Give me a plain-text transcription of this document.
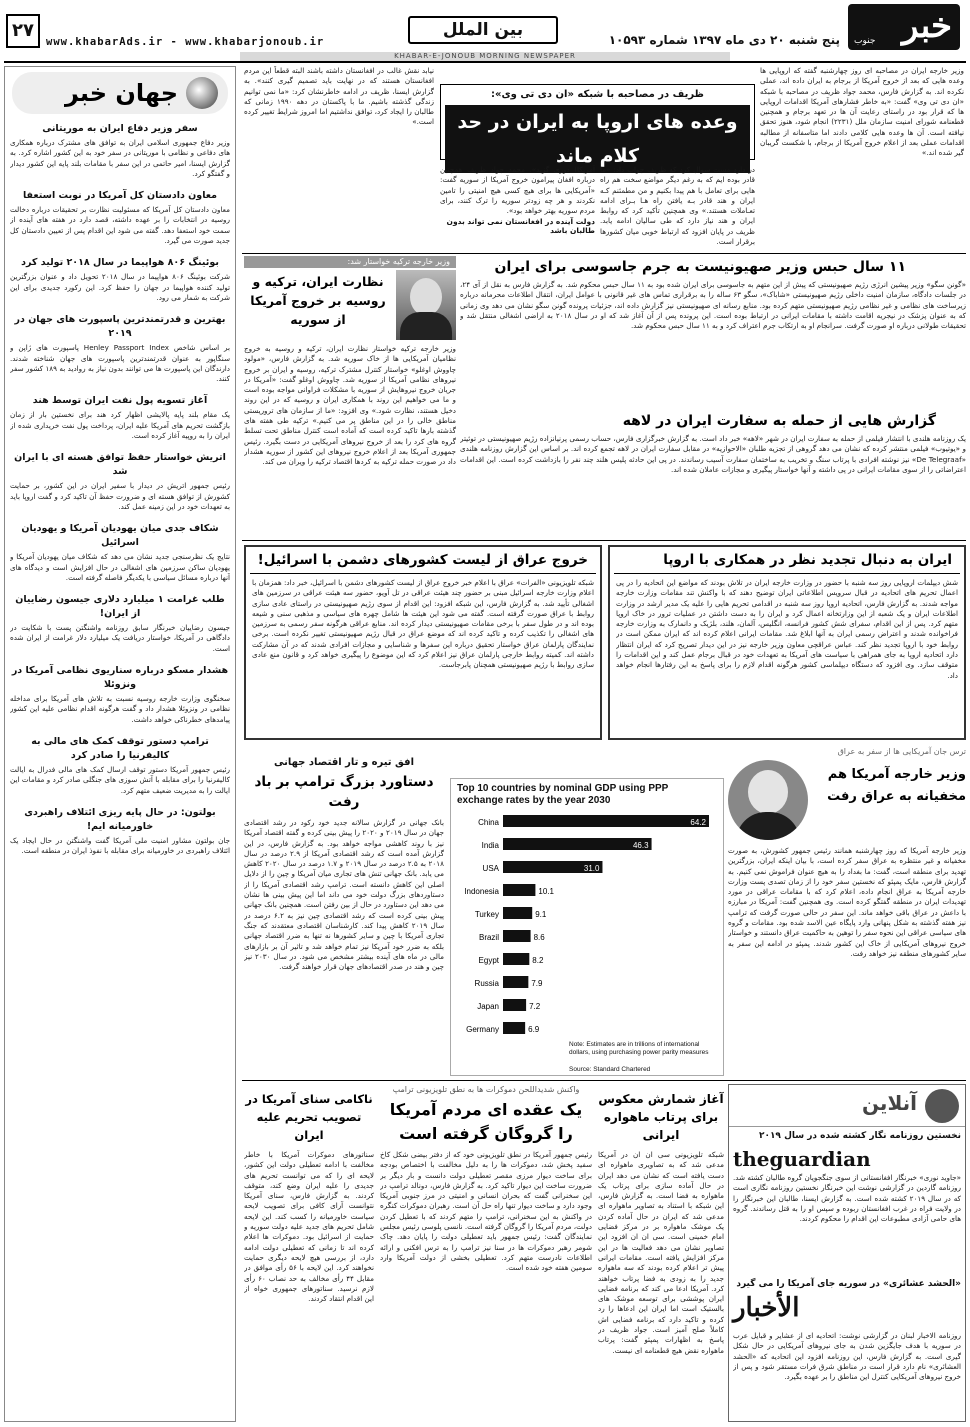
خبر
جنوب
پنج شنبه ۲۰ دی ماه ۱۳۹۷ شماره ۱۰۵۹۳
بین الملل
www.khabarAds.ir - www.khabarjonoub.ir
۲۷
KHABAR-E-JONOUB MORNING NEWSPAPER
جهان خبر
سفر وزیر دفاع ایران به موریتانی
وزیر دفاع جمهوری اسلامی ایران به توافق های مشترک درباره همکاری های دفاعی و نظامی با موریتانی در سفر خود به این کشور اشاره کرد. به گزارش ایسنا، امیر حاتمی در این سفر با مقامات بلند پایه این کشور دیدار و گفتگو کرد.
معاون دادستان کل آمریکا در نوبت استعفا
معاون دادستان کل آمریکا که مسئولیت نظارت بر تحقیقات درباره دخالت روسیه در انتخابات را بر عهده داشته، قصد دارد در هفته های آینده از سمت خود استعفا دهد. گفته می شود این اقدام پس از تعیین دادستان کل جدید صورت می گیرد.
بوئینگ ۸۰۶ هواپیما در سال ۲۰۱۸ تولید کرد
شرکت بوئینگ ۸۰۶ هواپیما در سال ۲۰۱۸ تحویل داد و عنوان بزرگترین تولید کننده هواپیما در جهان را حفظ کرد. این رکورد جدیدی برای این شرکت به شمار می رود.
بهترین و قدرتمندترین پاسپورت های جهان در ۲۰۱۹
بر اساس شاخص Henley Passport Index پاسپورت های ژاپن و سنگاپور به عنوان قدرتمندترین پاسپورت های جهان شناخته شدند. دارندگان این پاسپورت ها می توانند بدون نیاز به روادید به ۱۸۹ کشور سفر کنند.
آغاز تسویه پول نفت ایران توسط هند
یک مقام بلند پایه پالایشی اظهار کرد هند برای نخستین بار از زمان بازگشت تحریم های آمریکا علیه ایران، پرداخت پول نفت خریداری شده از ایران را به روپیه آغاز کرده است.
اتریش خواستار حفظ توافق هسته ای با ایران شد
رئیس جمهور اتریش در دیدار با سفیر ایران در این کشور، بر حمایت کشورش از توافق هسته ای و ضرورت حفظ آن تاکید کرد و گفت اروپا باید به تعهدات خود در این زمینه عمل کند.
شکاف جدی میان یهودیان آمریکا و یهودیان اسرائیل
نتایج یک نظرسنجی جدید نشان می دهد که شکاف میان یهودیان آمریکا و یهودیان ساکن سرزمین های اشغالی در حال افزایش است و دیدگاه های آنها درباره مسائل سیاسی با یکدیگر فاصله گرفته است.
طلب غرامت ۱ میلیارد دلاری جیسون رضاییان از ایران!
جیسون رضاییان خبرنگار سابق روزنامه واشنگتن پست با شکایت در دادگاهی در آمریکا، خواستار دریافت یک میلیارد دلار غرامت از ایران شده است.
هشدار مسکو درباره سناریوی نظامی آمریکا در ونزوئلا
سخنگوی وزارت خارجه روسیه نسبت به تلاش های آمریکا برای مداخله نظامی در ونزوئلا هشدار داد و گفت هرگونه اقدام نظامی علیه این کشور پیامدهای خطرناکی خواهد داشت.
ترامپ دستور توقف کمک های مالی به کالیفرنیا را صادر کرد
رئیس جمهور آمریکا دستور توقف ارسال کمک های مالی فدرال به ایالت کالیفرنیا را برای مقابله با آتش سوزی های جنگلی صادر کرد و مقامات این ایالت را به مدیریت ضعیف متهم کرد.
بولتون: در حال پایه ریزی ائتلاف راهبردی خاورمیانه ایم!
جان بولتون مشاور امنیت ملی آمریکا گفت واشنگتن در حال ایجاد یک ائتلاف راهبردی در خاورمیانه برای مقابله با نفوذ ایران در منطقه است.
وزیر خارجه ایران در مصاحبه ای روز چهارشنبه گفته که اروپایی ها وعده هایی که بعد از خروج آمریکا از برجام به ایران داده اند، عملی نکرده اند. به گزارش فارس، محمد جواد ظریف در مصاحبه با شبکه «ان دی تی وی» گفت: «به خاطر فشارهای آمریکا اقدامات اروپایی ها که قرار بود در راستای رعایت آن ها در تعهد برجام و همچنین قطعنامه شورای امنیت سازمان ملل (۲۲۳۱) انجام شود، هنوز تحقق نیافته است. آن ها وعده هایی کلامی دادند اما متاسفانه از مطالبه اقدامات عملی بعد از اعلام خروج آمریکا از برجام، با شکست گریبان گیر شده اند.»
ظریف در مصاحبه با شبکه «ان دی تی وی»:
وعده های اروپا به ایران در حد کلام ماند
در دارد مست سوال کرد که ظریف جواب داد: «ما قادر بوده ایم که به رغم دیگر مواضع سخت هم راه هایی برای تعامل با هم پیدا بکنیم و من مطمئنم کـه ایران و هند قادر بـه یافتن راه هـا بـرای ادامه تعـاملات هستند.» وی همچنین تأکید کرد که روابط ایران و هند نیاز دارد که طی سالیان ادامه یابد. ظریف در پایان افزود که ارتباط خوبی میان کشورها برقرار است.
آمریکا) دوری گزید». محمد جواد ظریف همچنین درباره افغان پیرامون خروج آمریکا از سوریه گفت: «آمریکایی ها برای هیچ کسی هیچ امنیتی را تامین نکردند و هر چه زودتر سوریه را ترک کنند، برای مردم سوریه بهتر خواهد بود».
دولت آینده در افغانستان نمی تواند بدون طالبان باشد
نیابد نقش غالب در افغانستان داشته باشند البته قطعاً این مردم افغانستان هستند که در نهایت باید تصمیم گیری کنند». به گزارش ایسنا، ظریف در ادامه خاطرنشان کرد: «ما نمی توانیم زندگی گذشته باشیم. ما با پاکستان در دهه ۱۹۹۰ زمانی که طالبان را ایجاد کرد، توافق نداشتیم اما امروز شرایط تغییر کرده است.»
۱۱ سال حبس وزیر صهیونیست به جرم جاسوسی برای ایران
«گونن سگو» وزیر پیشین انرژی رژیم صهیونیستی که پیش از این متهم به جاسوسی برای ایران شده بود به ۱۱ سال حبس محکوم شد. به گزارش فارس به نقل از آی ۲۴، در جلسات دادگاه، سازمان امنیت داخلی رژیم صهیونیستی «شاباک»، سگو ۶۳ ساله را به برقراری تماس های غیر قانونی با عوامل ایران، انتقال اطلاعات محرمانه درباره زیرساخت های نظامی و غیر نظامی رژیم صهیونیستی متهم کرده بود. منابع رسانه ای صهیونیستی نیز گزارش داده اند، جزئیات پرونده گونن سگو نشان می دهد وی زمانی که به عنوان پزشک در نیجریه اقامت داشته با مقامات ایرانی در ارتباط بوده است. این پرونده پس از آن آغاز شد که او در سال ۲۰۱۸ به اراضی اشغالی منتقل شد و تحقیقات طولانی درباره او صورت گرفت. سرانجام او به ارتکاب جرم اعتراف کرد و به ۱۱ سال حبس محکوم شد.
وزیر خارجه ترکیه خواستار شد:
نظارت ایران، ترکیه و روسیه بر خروج آمریکا از سوریه
وزیر خارجه ترکیه خواستار نظارت ایران، ترکیه و روسیه به خروج نظامیان آمریکایی ها از خاک سوریه شد. به گزارش فارس، «مولود چاووش اوغلو» خواستار کنترل مشترک ترکیه، روسیه و ایران بر خروج نیروهای نظامی آمریکا از سوریه شد. چاووش اوغلو گفت: «آمریکا در جریان خروج نیروهایش از سوریه با مشکلات فراوانی مواجه بوده است و ما می خواهیم این روند با همکاری ایران و روسیه که در این روند دخیل هستند، نظارت شود.» وی افزود: «ما از سازمان های تروریستی مناطق خالی را در این مناطق پر می کنیم.» ترکیه طی هفته های گذشته بارها تاکید کرده است که آماده است کنترل مناطق تحت تسلط گروه های کرد را بعد از خروج نیروهای آمریکایی در دست بگیرد. رئیس جمهوری آمریکا بعد از اعلام خروج نیروهای این کشور از سوریه هشدار داد در صورت حمله ترکیه به کردها اقتصاد ترکیه را ویران می کند.
گزارش هایی از حمله به سفارت ایران در لاهه
یک روزنامه هلندی با انتشار فیلمی از حمله به سفارت ایران در شهر «لاهه» خبر داد است. به گزارش خبرگزاری فارس، حساب رسمی پرنیانزاده رژیم صهیونیستی در توئیتر و «یوتیوب» فیلمی منتشر کرده که نشان می دهد گروهی از تجزیه طلبان «الاحوازیه» در مقابل سفارت ایران در لاهه تجمع کرده اند. بر اساس این گزارش روزنامه هلندی «De Telegraaf» نیز نوشته افرادی با پرتاب سنگ و تخریب به ساختمان سفارت آسیب رساندند. در پی این حادثه پلیس هلند چند نفر را بازداشت کرده است. این اقدامات اعتراضاتی را از سوی مقامات ایرانی در پی داشته و آنها خواستار پیگیری و مجازات عاملان شده اند.
ایران به دنبال تجدید نظر در همکاری با اروپا
شش دیپلمات اروپایی روز سه شنبه با حضور در وزارت خارجه ایران در تلاش بودند که مواضع این اتحادیه را در پی اعمال تحریم های اتحادیه در قبال سرویس اطلاعاتی ایران توضیح دهند که با واکنش تند مقامات وزارت خارجه مواجه شدند. به گزارش فارس، اتحادیه اروپا روز سه شنبه در اقدامی تحریم هایی را علیه یک مدیر ارشد در وزارت اطلاعات ایران و یک شعبه از این وزارتخانه اعمال کرد و ایران را به دست داشتن در عملیات ترور در خاک اروپا متهم کرد. پس از این اقدام، سفرای شش کشور فرانسه، انگلیس، آلمان، هلند، بلژیک و دانمارک به وزارت خارجه فراخوانده شدند و اعتراض رسمی ایران به آنها ابلاغ شد. مقامات ایرانی اعلام کرده اند که ایران ممکن است در روابط خود با اروپا تجدید نظر کند. عباس عراقچی معاون وزیر خارجه نیز در این دیدار تصریح کرد که ایران انتظار دارد اتحادیه اروپا به جای همراهی با سیاست های آمریکا به تعهدات خود در قبال برجام عمل کند و این اقدامات را متوقف سازد. وی افزود که دستگاه دیپلماسی کشور هرگونه اقدام لازم را برای پاسخ به این رفتارها انجام خواهد داد.
خروج عراق از لیست کشورهای دشمن با اسرائیل!
شبکه تلویزیونی «الفرات» عراق با اعلام خبر خروج عراق از لیست کشورهای دشمن با اسرائیل، خبر داد: همزمان با اعلام وزارت خارجه اسرائیل مبنی بر حضور چند هیئت عراقی در تل آویو، حضور سه هیئت عراقی در سرزمین های اشغالی تأیید شد. به گزارش فارس، این شبکه افزود: این اقدام از سوی رژیم صهیونیستی در راستای عادی سازی روابط با عراق صورت گرفته است. گفته می شود این هیئت ها شامل چهره های سیاسی و مذهبی سنی و شیعه بوده اند و در طول سفر با برخی مقامات صهیونیستی دیدار کرده اند. منابع عراقی هرگونه سفر رسمی به سرزمین های اشغالی را تکذیب کرده و تاکید کرده اند که موضع عراق در قبال رژیم صهیونیستی تغییر نکرده است. برخی نمایندگان پارلمان عراق خواستار تحقیق درباره این سفرها و شناسایی و مجازات افرادی شدند که در آن مشارکت داشته اند. کمیته روابط خارجی پارلمان عراق نیز اعلام کرد که این موضوع را پیگیری خواهد کرد و قانون منع عادی سازی روابط با رژیم صهیونیستی همچنان پابرجاست.
ترس جان آمریکایی ها از سفر به عراق
وزیر خارجه آمریکا هم مخفیانه به عراق رفت
وزیر خارجه آمریکا که روز چهارشنبه همانند رئیس جمهور کشورش، به صورت مخفیانه و غیر منتظره به عراق سفر کرده است، با بیان اینکه ایران، بزرگترین تهدید برای منطقه است، گفت: ما بغداد را به هیچ عنوان فراموش نمی کنیم. به گزارش فارس، مایک پمپئو که نخستین سفر خود را از زمان تصدی پست وزارت خارجه آمریکا به عراق انجام داده، اعلام کرد که با مقامات عراقی در مورد تهدیدات ایران در منطقه گفتگو کرده است. وی همچنین گفت: آمریکا در مبارزه با داعش در عراق باقی خواهد ماند. این سفر در حالی صورت گرفت که ترامپ نیز هفته گذشته به شکل پنهانی وارد پایگاه عین الاسد شده بود. مقامات و گروه های سیاسی عراقی این نحوه سفر را توهین به حاکمیت عراق دانستند و خواستار خروج نیروهای آمریکایی از خاک این کشور شدند. پمپئو در ادامه این سفر به سایر کشورهای منطقه نیز خواهد رفت.
Top 10 countries by nominal GDP using PPP exchange rates by the year 2030
China	64.2
India	46.3
USA	31.0
Indonesia	10.1
Turkey	9.1
Brazil	8.6
Egypt	8.2
Russia	7.9
Japan	7.2
Germany	6.9
Note: Estimates are in trillions of international dollars, using purchasing power parity measures
Source: Standard Chartered
افق تیره و تار اقتصاد جهانی
دستاورد بزرگ ترامپ بر باد رفت
بانک جهانی در گزارش سالانه جدید خود رکود در رشد اقتصادی جهان در سال ۲۰۱۹ و ۲۰۲۰ را پیش بینی کرده و گفته اقتصاد آمریکا نیز با روند کاهشی مواجه خواهد بود. به گزارش فارس، در این گزارش آمده است که رشد اقتصادی آمریکا از ۲.۹ درصد در سال ۲۰۱۸ به ۲.۵ درصد در سال ۲۰۱۹ و ۱.۷ درصد در سال ۲۰۲۰ کاهش می یابد. بانک جهانی تنش های تجاری میان آمریکا و چین را از دلایل اصلی این کاهش دانسته است. ترامپ رشد اقتصادی آمریکا را از دستاوردهای بزرگ دولت خود می داند اما این پیش بینی ها نشان می دهد این دستاورد در حال از بین رفتن است. همچنین بانک جهانی پیش بینی کرده است که رشد اقتصادی چین نیز به ۶.۲ درصد در سال ۲۰۱۹ کاهش پیدا کند. کارشناسان اقتصادی معتقدند که جنگ تجاری آمریکا با چین و سایر کشورها نه تنها به ضرر اقتصاد جهانی بلکه به ضرر خود آمریکا نیز تمام خواهد شد و تاثیر آن بر بازارهای مالی در ماه های آینده بیشتر مشخص می شود. در سال ۲۰۳۰ نیز چین و هند در صدر اقتصادهای جهان قرار خواهند گرفت.
آنلاین
نخستین روزنامه نگار کشته شده در سال ۲۰۱۹
theguardian
«جاوید نوری» خبرنگار افغانستانی از سوی جنگجویان گروه طالبان کشته شد. روزنامه گاردین در گزارشی نوشت این خبرنگار نخستین روزنامه نگاری است که در سال ۲۰۱۹ کشته شده است. به گزارش ایسنا، طالبان این خبرنگار را در ولایت فراه در غرب افغانستان ربوده و سپس او را به قتل رساندند. گروه های حامی آزادی مطبوعات این اقدام را محکوم کردند.
«الحشد عشائری» در سوریه جای آمریکا را می گیرد
الأخبار
روزنامه الاخبار لبنان در گزارشی نوشت: اتحادیه ای از عشایر و قبایل عرب در سوریه با هدف جایگزین شدن به جای نیروهای آمریکایی در حال شکل گیری است. به گزارش فارس، این روزنامه افزود این اتحادیه که «الحشد العشائری» نام دارد قرار است در مناطق شرق فرات مستقر شود و پس از خروج نیروهای آمریکایی کنترل این مناطق را بر عهده بگیرد.
آغاز شمارش معکوس برای پرتاب ماهواره ایرانی
شبکه تلویزیونی سی ان ان در آمریکا مدعی شد که به تصاویری ماهواره ای دست یافته است که نشان می دهد ایران در حال آماده سازی برای پرتاب یک ماهواره به فضا است. به گزارش فارس، این شبکه با استناد به تصاویر ماهواره ای مدعی شد که ایران در حال آماده کردن یک موشک ماهواره بر در مرکز فضایی امام خمینی است. سی ان ان افزود این تصاویر نشان می دهد فعالیت ها در این مرکز افزایش یافته است. مقامات ایرانی پیش تر اعلام کرده بودند که سه ماهواره جدید را به زودی به فضا پرتاب خواهند کرد. آمریکا ادعا می کند که برنامه فضایی ایران پوششی برای توسعه موشک های بالستیک است اما ایران این ادعاها را رد کرده و تاکید دارد که برنامه فضایی اش کاملاً صلح آمیز است. جواد ظریف در پاسخ به اظهارات پمپئو گفت: پرتاب ماهواره نقض هیچ قطعنامه ای نیست.
واکنش شدیداللحن دموکرات ها به نطق تلویزیونی ترامپ
یک عقده ای مردم آمریکا را گروگان گرفته است
رئیس جمهور آمریکا در نطق تلویزیونی خود که از دفتر بیضی شکل کاخ سفید پخش شد، دموکرات ها را به دلیل مخالفت با اختصاص بودجه برای ساخت دیوار مرزی مقصر تعطیلی دولت دانست و بار دیگر بر ضرورت ساخت این دیوار تاکید کرد. به گزارش فارس، دونالد ترامپ در این سخنرانی گفت که بحران انسانی و امنیتی در مرز جنوبی آمریکا وجود دارد و ساخت دیوار تنها راه حل آن است. رهبران دموکرات کنگره در واکنش به این سخنرانی، ترامپ را متهم کردند که با تعطیل کردن دولت، مردم آمریکا را گروگان گرفته است. نانسی پلوسی رئیس مجلس نمایندگان گفت: رئیس جمهور باید تعطیلی دولت را پایان دهد. چاک شومر رهبر دموکرات ها در سنا نیز ترامپ را به ترس افکنی و ارائه اطلاعات نادرست متهم کرد. تعطیلی بخشی از دولت آمریکا وارد سومین هفته خود شده است.
ناکامی سنای آمریکا در تصویب تحریم علیه ایران
سناتورهای دموکرات آمریکا با خاطر مخالفت با ادامه تعطیلی دولت این کشور، لایحه ای را که می توانست تحریم های جدیدی را علیه ایران وضع کند، متوقف کردند. به گزارش فارس، سنای آمریکا نتوانست آرای کافی برای تصویب لایحه سیاست خاورمیانه را کسب کند. این لایحه شامل تحریم های جدید علیه دولت سوریه و حمایت از اسرائیل بود. دموکرات ها اعلام کرده اند تا زمانی که تعطیلی دولت ادامه دارد، از بررسی هیچ لایحه دیگری حمایت نخواهند کرد. این لایحه با ۵۶ رأی موافق در مقابل ۴۴ رأی مخالف به حد نصاب ۶۰ رأی لازم نرسید. سناتورهای جمهوری خواه از این اقدام انتقاد کردند.
